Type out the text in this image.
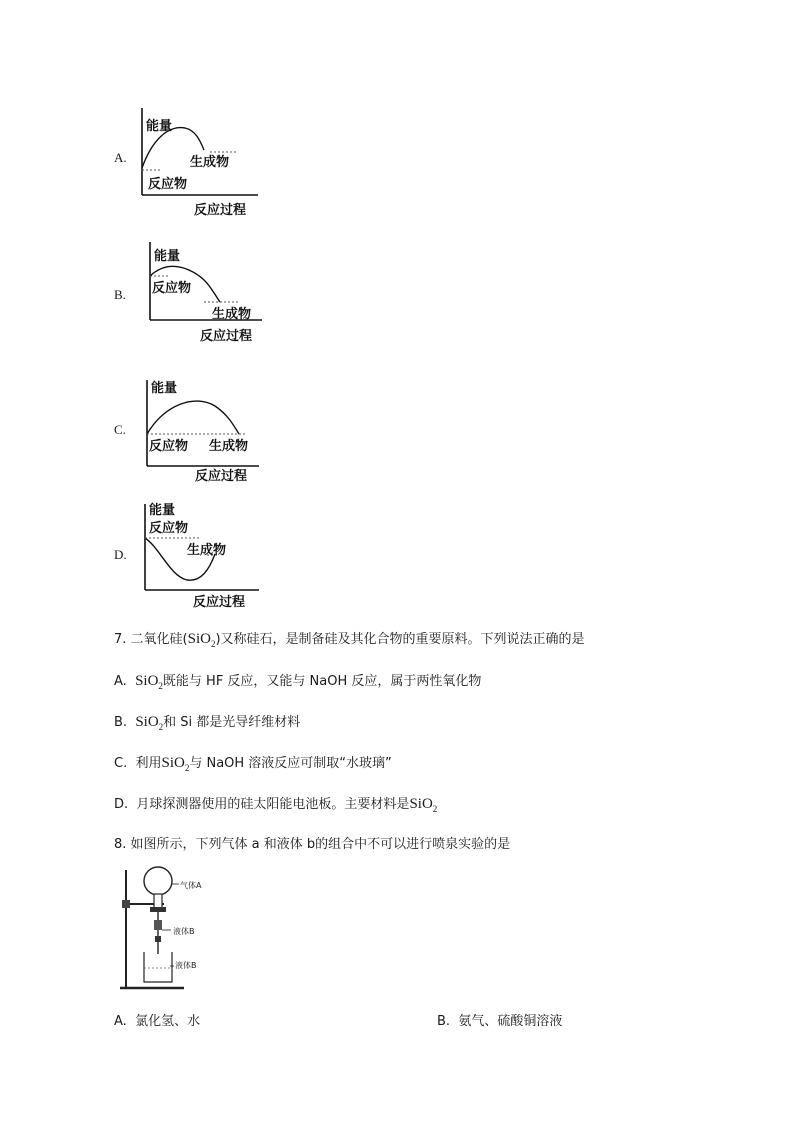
A.
能量
生成物
反应物
反应过程
B.
能量
反应物
生成物
反应过程
C.
能量
反应物 生成物
反应过程
D.
能量
反应物
生成物
反应过程
7. 二氧化硅(SiO$_2$)又称硅石，是制备硅及其化合物的重要原料。下列说法正确的是
A. SiO$_2$既能与 HF 反应，又能与 NaOH 反应，属于两性氧化物
B. SiO$_2$和 Si 都是光导纤维材料
C. 利用SiO$_2$与 NaOH 溶液反应可制取“水玻璃”
D. 月球探测器使用的硅太阳能电池板。主要材料是SiO$_2$
8. 如图所示，下列气体 a 和液体 b的组合中不可以进行喷泉实验的是
气体A
液体B
液体B
A. 氯化氢、水	B. 氨气、硫酸铜溶液
